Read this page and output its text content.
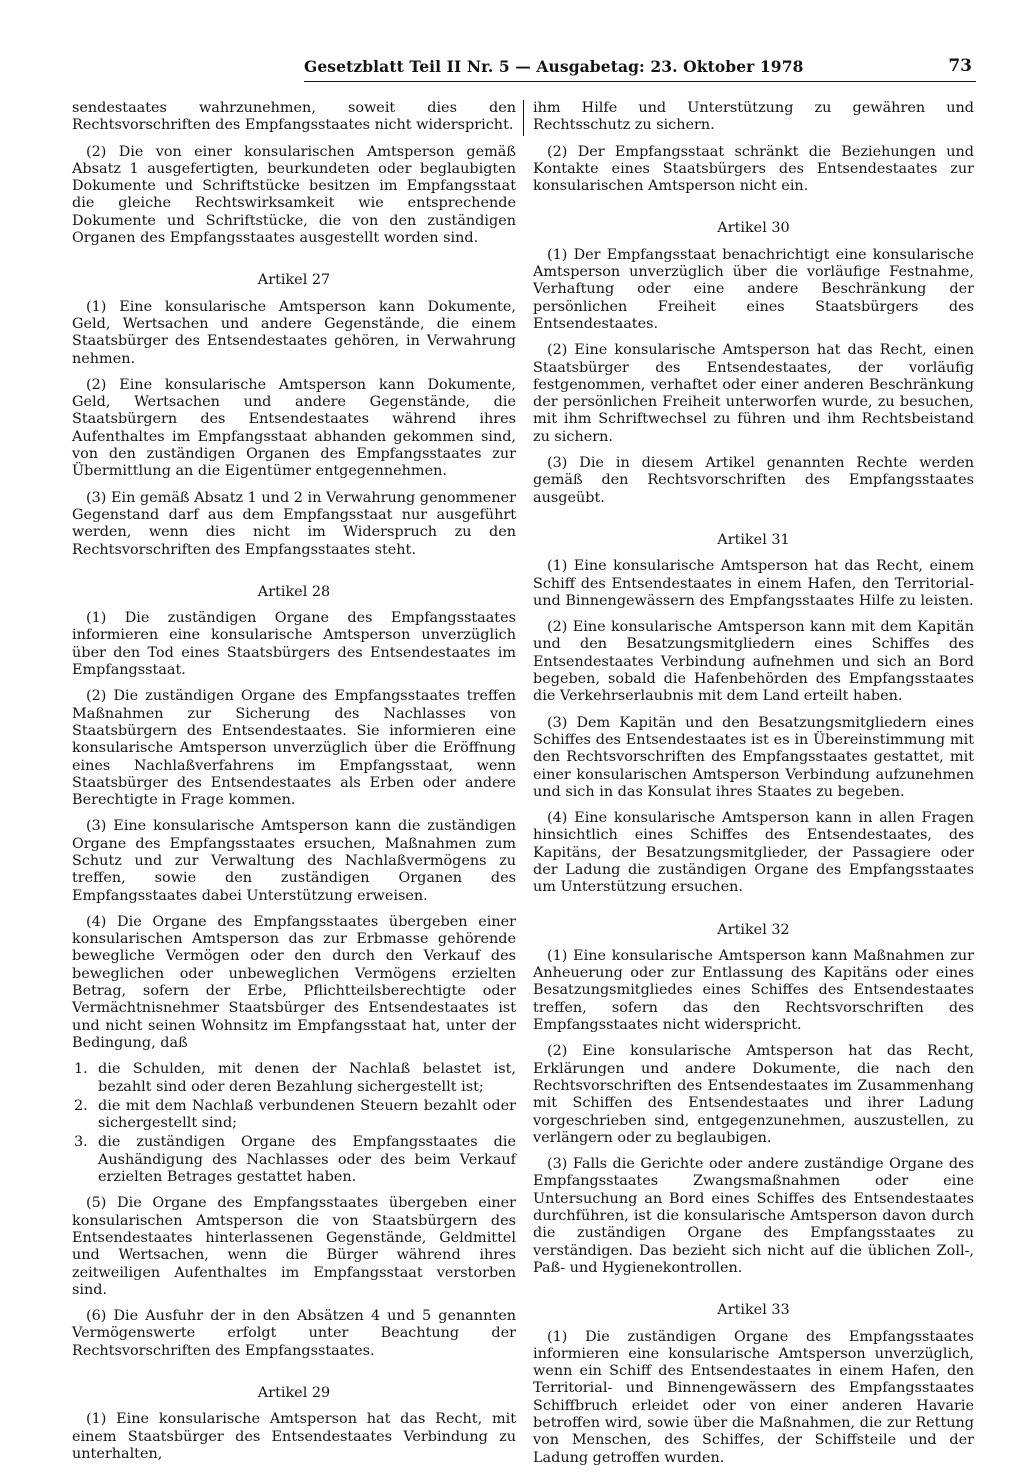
Gesetzblatt Teil II Nr. 5 — Ausgabetag: 23. Oktober 1978	73

sendestaates wahrzunehmen, soweit dies den Rechtsvorschriften des Empfangsstaates nicht widerspricht.

(2) Die von einer konsularischen Amtsperson gemäß Absatz 1 ausgefertigten, beurkundeten oder beglaubigten Dokumente und Schriftstücke besitzen im Empfangsstaat die gleiche Rechtswirksamkeit wie entsprechende Dokumente und Schriftstücke, die von den zuständigen Organen des Empfangsstaates ausgestellt worden sind.

Artikel 27

(1) Eine konsularische Amtsperson kann Dokumente, Geld, Wertsachen und andere Gegenstände, die einem Staatsbürger des Entsendestaates gehören, in Verwahrung nehmen.

(2) Eine konsularische Amtsperson kann Dokumente, Geld, Wertsachen und andere Gegenstände, die Staatsbürgern des Entsendestaates während ihres Aufenthaltes im Empfangsstaat abhanden gekommen sind, von den zuständigen Organen des Empfangsstaates zur Übermittlung an die Eigentümer entgegennehmen.

(3) Ein gemäß Absatz 1 und 2 in Verwahrung genommener Gegenstand darf aus dem Empfangsstaat nur ausgeführt werden, wenn dies nicht im Widerspruch zu den Rechtsvorschriften des Empfangsstaates steht.

Artikel 28

(1) Die zuständigen Organe des Empfangsstaates informieren eine konsularische Amtsperson unverzüglich über den Tod eines Staatsbürgers des Entsendestaates im Empfangsstaat.

(2) Die zuständigen Organe des Empfangsstaates treffen Maßnahmen zur Sicherung des Nachlasses von Staatsbürgern des Entsendestaates. Sie informieren eine konsularische Amtsperson unverzüglich über die Eröffnung eines Nachlaßverfahrens im Empfangsstaat, wenn Staatsbürger des Entsendestaates als Erben oder andere Berechtigte in Frage kommen.

(3) Eine konsularische Amtsperson kann die zuständigen Organe des Empfangsstaates ersuchen, Maßnahmen zum Schutz und zur Verwaltung des Nachlaßvermögens zu treffen, sowie den zuständigen Organen des Empfangsstaates dabei Unterstützung erweisen.

(4) Die Organe des Empfangsstaates übergeben einer konsularischen Amtsperson das zur Erbmasse gehörende bewegliche Vermögen oder den durch den Verkauf des beweglichen oder unbeweglichen Vermögens erzielten Betrag, sofern der Erbe, Pflichtteilsberechtigte oder Vermächtnisnehmer Staatsbürger des Entsendestaates ist und nicht seinen Wohnsitz im Empfangsstaat hat, unter der Bedingung, daß

1. die Schulden, mit denen der Nachlaß belastet ist, bezahlt sind oder deren Bezahlung sichergestellt ist;
2. die mit dem Nachlaß verbundenen Steuern bezahlt oder sichergestellt sind;
3. die zuständigen Organe des Empfangsstaates die Aushändigung des Nachlasses oder des beim Verkauf erzielten Betrages gestattet haben.

(5) Die Organe des Empfangsstaates übergeben einer konsularischen Amtsperson die von Staatsbürgern des Entsendestaates hinterlassenen Gegenstände, Geldmittel und Wertsachen, wenn die Bürger während ihres zeitweiligen Aufenthaltes im Empfangsstaat verstorben sind.

(6) Die Ausfuhr der in den Absätzen 4 und 5 genannten Vermögenswerte erfolgt unter Beachtung der Rechtsvorschriften des Empfangsstaates.

Artikel 29

(1) Eine konsularische Amtsperson hat das Recht, mit einem Staatsbürger des Entsendestaates Verbindung zu unterhalten,

ihm Hilfe und Unterstützung zu gewähren und Rechtsschutz zu sichern.

(2) Der Empfangsstaat schränkt die Beziehungen und Kontakte eines Staatsbürgers des Entsendestaates zur konsularischen Amtsperson nicht ein.

Artikel 30

(1) Der Empfangsstaat benachrichtigt eine konsularische Amtsperson unverzüglich über die vorläufige Festnahme, Verhaftung oder eine andere Beschränkung der persönlichen Freiheit eines Staatsbürgers des Entsendestaates.

(2) Eine konsularische Amtsperson hat das Recht, einen Staatsbürger des Entsendestaates, der vorläufig festgenommen, verhaftet oder einer anderen Beschränkung der persönlichen Freiheit unterworfen wurde, zu besuchen, mit ihm Schriftwechsel zu führen und ihm Rechtsbeistand zu sichern.

(3) Die in diesem Artikel genannten Rechte werden gemäß den Rechtsvorschriften des Empfangsstaates ausgeübt.

Artikel 31

(1) Eine konsularische Amtsperson hat das Recht, einem Schiff des Entsendestaates in einem Hafen, den Territorial- und Binnengewässern des Empfangsstaates Hilfe zu leisten.

(2) Eine konsularische Amtsperson kann mit dem Kapitän und den Besatzungsmitgliedern eines Schiffes des Entsendestaates Verbindung aufnehmen und sich an Bord begeben, sobald die Hafenbehörden des Empfangsstaates die Verkehrserlaubnis mit dem Land erteilt haben.

(3) Dem Kapitän und den Besatzungsmitgliedern eines Schiffes des Entsendestaates ist es in Übereinstimmung mit den Rechtsvorschriften des Empfangsstaates gestattet, mit einer konsularischen Amtsperson Verbindung aufzunehmen und sich in das Konsulat ihres Staates zu begeben.

(4) Eine konsularische Amtsperson kann in allen Fragen hinsichtlich eines Schiffes des Entsendestaates, des Kapitäns, der Besatzungsmitglieder, der Passagiere oder der Ladung die zuständigen Organe des Empfangsstaates um Unterstützung ersuchen.

Artikel 32

(1) Eine konsularische Amtsperson kann Maßnahmen zur Anheuerung oder zur Entlassung des Kapitäns oder eines Besatzungsmitgliedes eines Schiffes des Entsendestaates treffen, sofern das den Rechtsvorschriften des Empfangsstaates nicht widerspricht.

(2) Eine konsularische Amtsperson hat das Recht, Erklärungen und andere Dokumente, die nach den Rechtsvorschriften des Entsendestaates im Zusammenhang mit Schiffen des Entsendestaates und ihrer Ladung vorgeschrieben sind, entgegenzunehmen, auszustellen, zu verlängern oder zu beglaubigen.

(3) Falls die Gerichte oder andere zuständige Organe des Empfangsstaates Zwangsmaßnahmen oder eine Untersuchung an Bord eines Schiffes des Entsendestaates durchführen, ist die konsularische Amtsperson davon durch die zuständigen Organe des Empfangsstaates zu verständigen. Das bezieht sich nicht auf die üblichen Zoll-, Paß- und Hygienekontrollen.

Artikel 33

(1) Die zuständigen Organe des Empfangsstaates informieren eine konsularische Amtsperson unverzüglich, wenn ein Schiff des Entsendestaates in einem Hafen, den Territorial- und Binnengewässern des Empfangsstaates Schiffbruch erleidet oder von einer anderen Havarie betroffen wird, sowie über die Maßnahmen, die zur Rettung von Menschen, des Schiffes, der Schiffsteile und der Ladung getroffen wurden.
